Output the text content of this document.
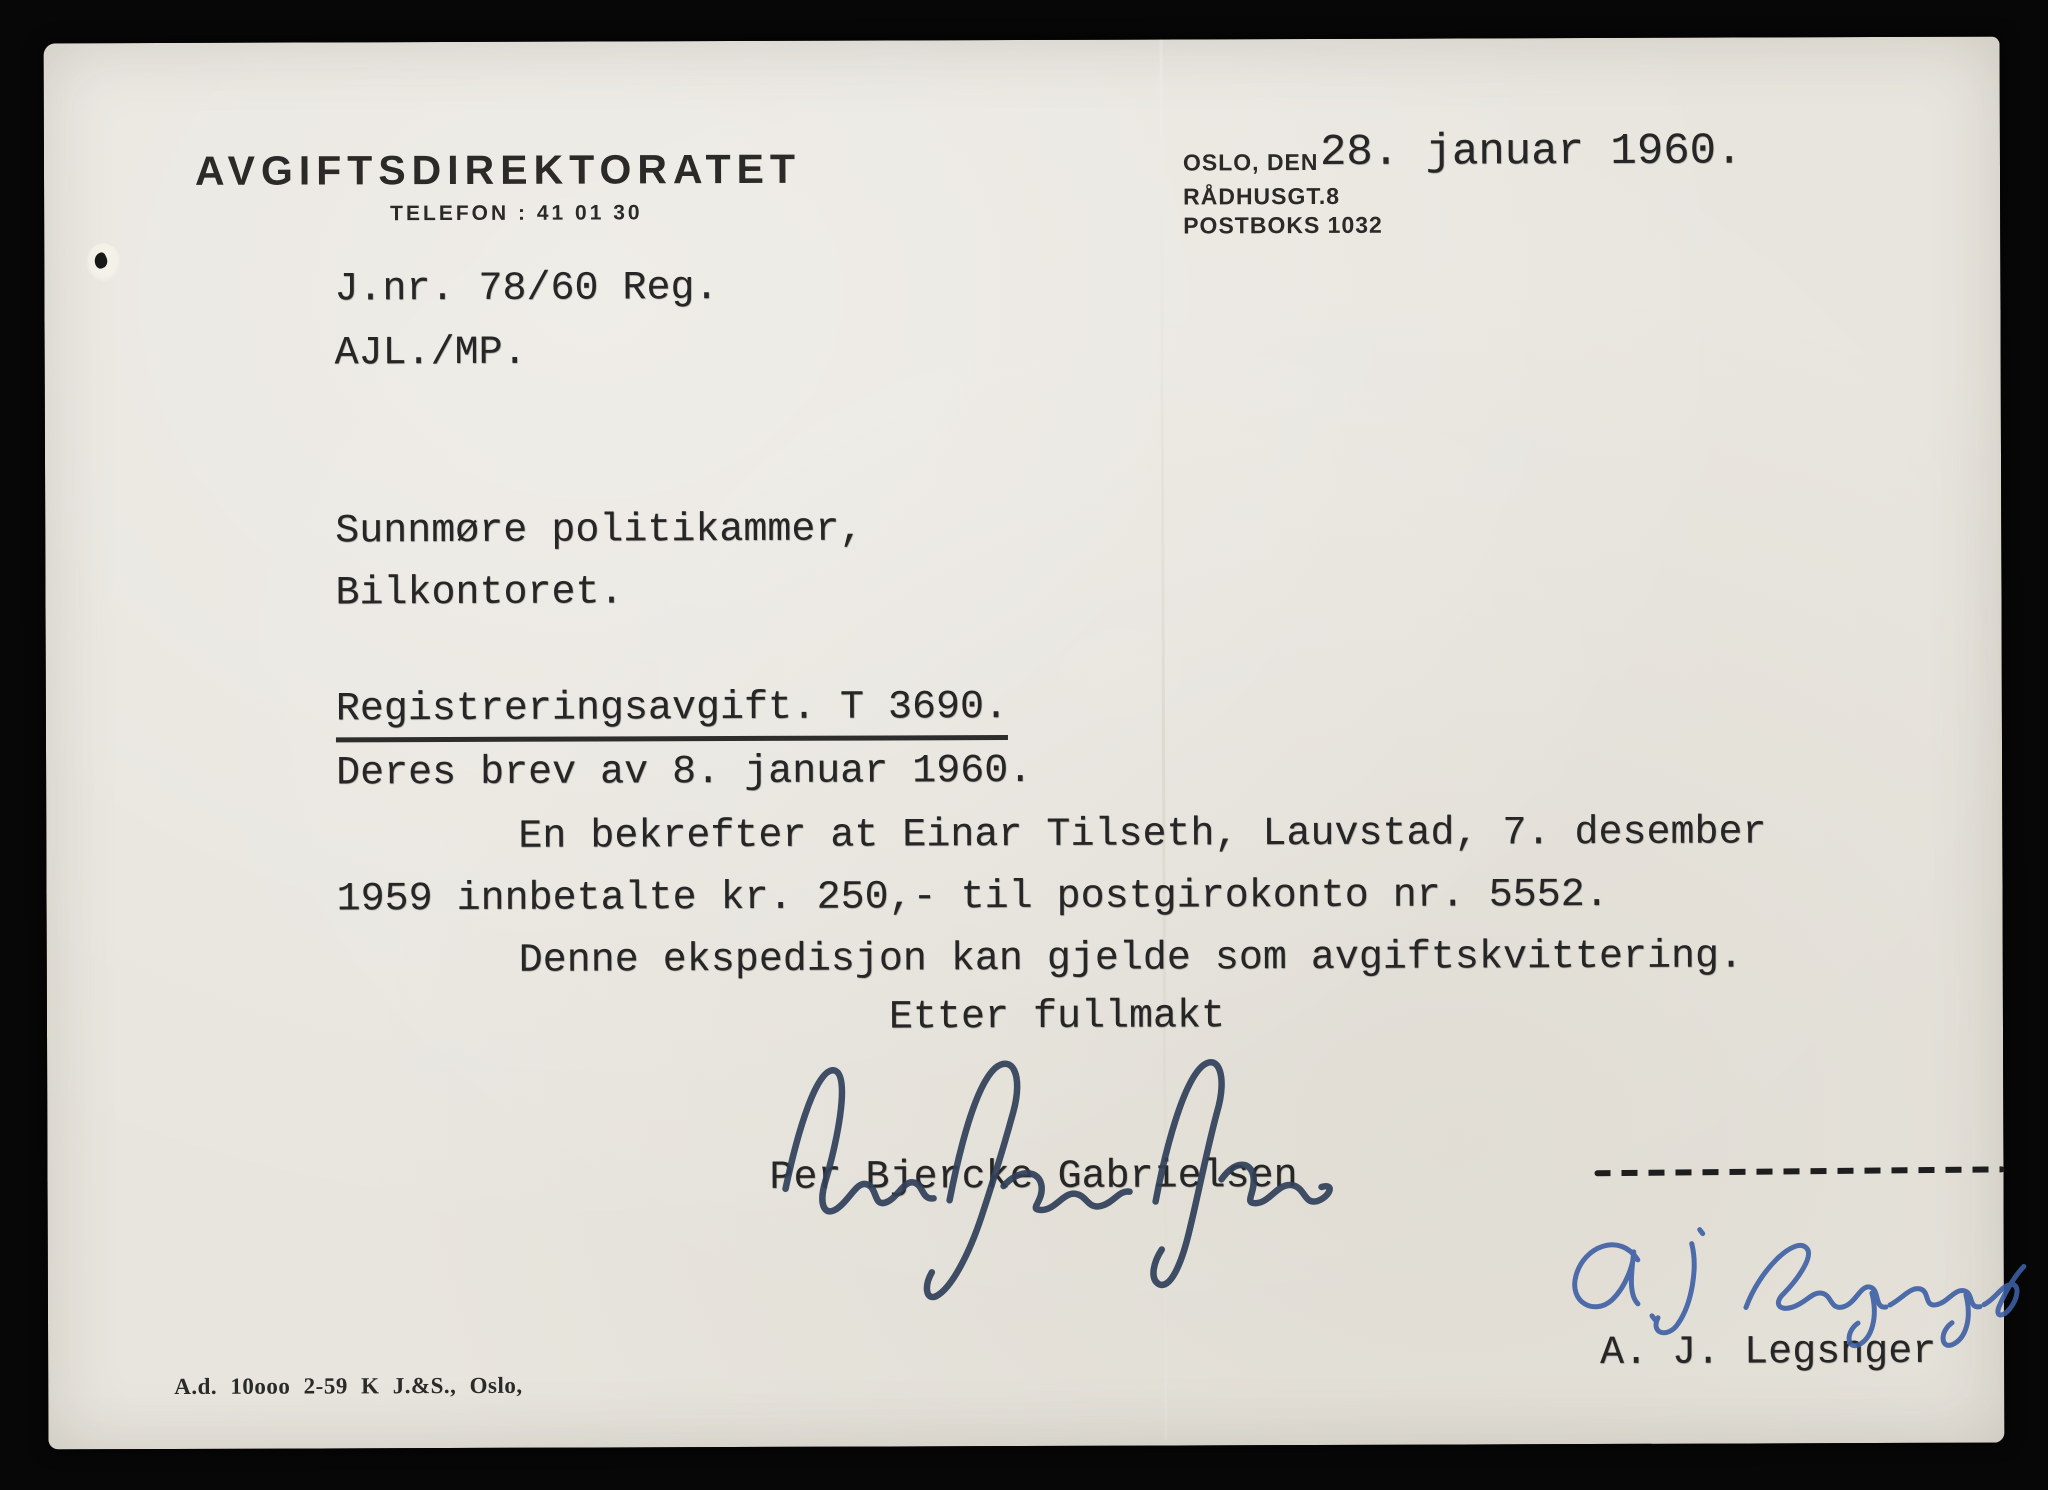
AVGIFTSDIREKTORATET
TELEFON : 41 01 30
OSLO, DEN 28. januar 1960.
RÅDHUSGT.8
POSTBOKS 1032
J.nr. 78/60 Reg.
AJL./MP.
Sunnmøre politikammer,
Bilkontoret.
Registreringsavgift. T 3690.
Deres brev av 8. januar 1960.
En bekrefter at Einar Tilseth, Lauvstad, 7. desember
1959 innbetalte kr. 250,- til postgirokonto nr. 5552.
Denne ekspedisjon kan gjelde som avgiftskvittering.
Etter fullmakt
Per Bjercke Gabrielsen
A. J. Legsnger
A.d. 10ooo 2-59 K J.&S., Oslo,
